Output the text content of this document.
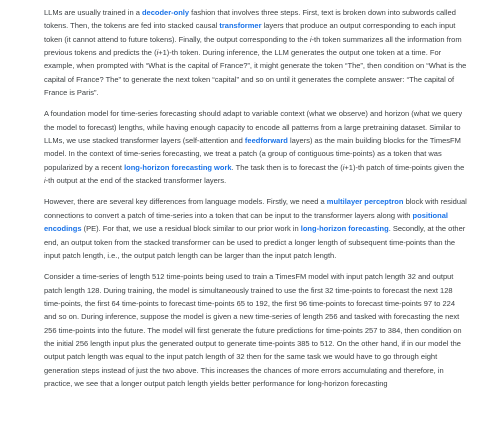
LLMs are usually trained in a decoder-only fashion that involves three steps. First, text is broken down into subwords called tokens. Then, the tokens are fed into stacked causal transformer layers that produce an output corresponding to each input token (it cannot attend to future tokens). Finally, the output corresponding to the i-th token summarizes all the information from previous tokens and predicts the (i+1)-th token. During inference, the LLM generates the output one token at a time. For example, when prompted with “What is the capital of France?”, it might generate the token “The”, then condition on “What is the capital of France? The” to generate the next token “capital” and so on until it generates the complete answer: “The capital of France is Paris”.

A foundation model for time-series forecasting should adapt to variable context (what we observe) and horizon (what we query the model to forecast) lengths, while having enough capacity to encode all patterns from a large pretraining dataset. Similar to LLMs, we use stacked transformer layers (self-attention and feedforward layers) as the main building blocks for the TimesFM model. In the context of time-series forecasting, we treat a patch (a group of contiguous time-points) as a token that was popularized by a recent long-horizon forecasting work. The task then is to forecast the (i+1)-th patch of time-points given the i-th output at the end of the stacked transformer layers.

However, there are several key differences from language models. Firstly, we need a multilayer perceptron block with residual connections to convert a patch of time-series into a token that can be input to the transformer layers along with positional encodings (PE). For that, we use a residual block similar to our prior work in long-horizon forecasting. Secondly, at the other end, an output token from the stacked transformer can be used to predict a longer length of subsequent time-points than the input patch length, i.e., the output patch length can be larger than the input patch length.

Consider a time-series of length 512 time-points being used to train a TimesFM model with input patch length 32 and output patch length 128. During training, the model is simultaneously trained to use the first 32 time-points to forecast the next 128 time-points, the first 64 time-points to forecast time-points 65 to 192, the first 96 time-points to forecast time-points 97 to 224 and so on. During inference, suppose the model is given a new time-series of length 256 and tasked with forecasting the next 256 time-points into the future. The model will first generate the future predictions for time-points 257 to 384, then condition on the initial 256 length input plus the generated output to generate time-points 385 to 512. On the other hand, if in our model the output patch length was equal to the input patch length of 32 then for the same task we would have to go through eight generation steps instead of just the two above. This increases the chances of more errors accumulating and therefore, in practice, we see that a longer output patch length yields better performance for long-horizon forecasting
